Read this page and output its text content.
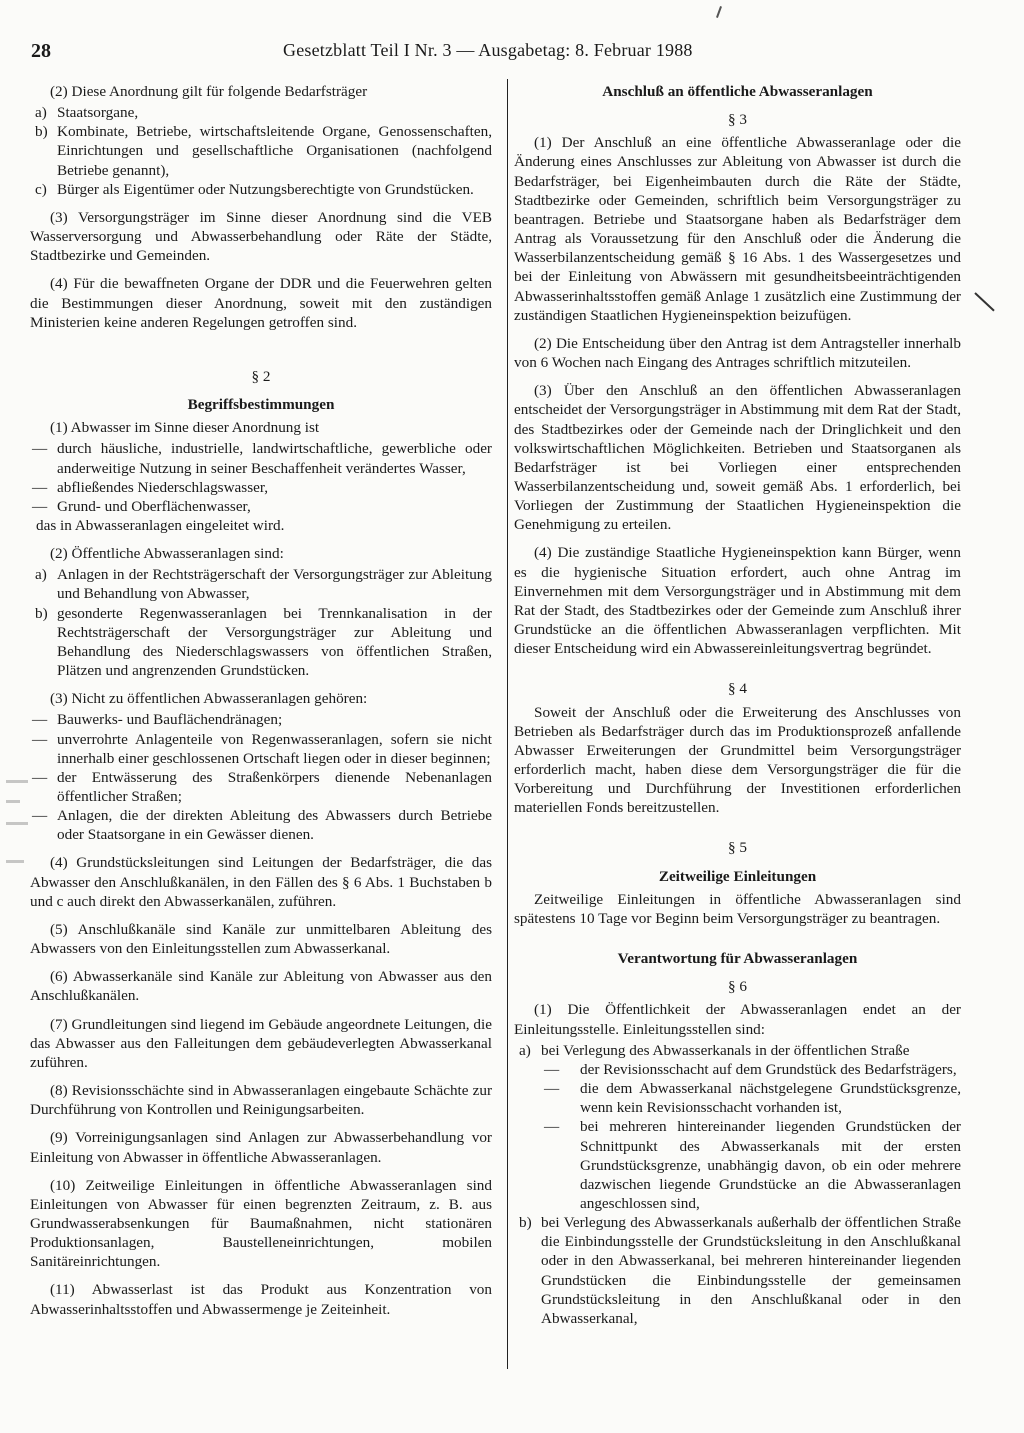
28	Gesetzblatt Teil I Nr. 3 — Ausgabetag: 8. Februar 1988

(2) Diese Anordnung gilt für folgende Bedarfsträger

a) Staatsorgane,
b) Kombinate, Betriebe, wirtschaftsleitende Organe, Genossenschaften, Einrichtungen und gesellschaftliche Organisationen (nachfolgend Betriebe genannt),
c) Bürger als Eigentümer oder Nutzungsberechtigte von Grundstücken.

(3) Versorgungsträger im Sinne dieser Anordnung sind die VEB Wasserversorgung und Abwasserbehandlung oder Räte der Städte, Stadtbezirke und Gemeinden.

(4) Für die bewaffneten Organe der DDR und die Feuerwehren gelten die Bestimmungen dieser Anordnung, soweit mit den zuständigen Ministerien keine anderen Regelungen getroffen sind.

§ 2

Begriffsbestimmungen

(1) Abwasser im Sinne dieser Anordnung ist

— durch häusliche, industrielle, landwirtschaftliche, gewerbliche oder anderweitige Nutzung in seiner Beschaffenheit verändertes Wasser,
— abfließendes Niederschlagswasser,
— Grund- und Oberflächenwasser,

das in Abwasseranlagen eingeleitet wird.

(2) Öffentliche Abwasseranlagen sind:

a) Anlagen in der Rechtsträgerschaft der Versorgungsträger zur Ableitung und Behandlung von Abwasser,
b) gesonderte Regenwasseranlagen bei Trennkanalisation in der Rechtsträgerschaft der Versorgungsträger zur Ableitung und Behandlung des Niederschlagswassers von öffentlichen Straßen, Plätzen und angrenzenden Grundstücken.

(3) Nicht zu öffentlichen Abwasseranlagen gehören:

— Bauwerks- und Bauflächendränagen;
— unverrohrte Anlagenteile von Regenwasseranlagen, sofern sie nicht innerhalb einer geschlossenen Ortschaft liegen oder in dieser beginnen;
— der Entwässerung des Straßenkörpers dienende Nebenanlagen öffentlicher Straßen;
— Anlagen, die der direkten Ableitung des Abwassers durch Betriebe oder Staatsorgane in ein Gewässer dienen.

(4) Grundstücksleitungen sind Leitungen der Bedarfsträger, die das Abwasser den Anschlußkanälen, in den Fällen des § 6 Abs. 1 Buchstaben b und c auch direkt den Abwasserkanälen, zuführen.

(5) Anschlußkanäle sind Kanäle zur unmittelbaren Ableitung des Abwassers von den Einleitungsstellen zum Abwasserkanal.

(6) Abwasserkanäle sind Kanäle zur Ableitung von Abwasser aus den Anschlußkanälen.

(7) Grundleitungen sind liegend im Gebäude angeordnete Leitungen, die das Abwasser aus den Falleitungen dem gebäudeverlegten Abwasserkanal zuführen.

(8) Revisionsschächte sind in Abwasseranlagen eingebaute Schächte zur Durchführung von Kontrollen und Reinigungsarbeiten.

(9) Vorreinigungsanlagen sind Anlagen zur Abwasserbehandlung vor Einleitung von Abwasser in öffentliche Abwasseranlagen.

(10) Zeitweilige Einleitungen in öffentliche Abwasseranlagen sind Einleitungen von Abwasser für einen begrenzten Zeitraum, z. B. aus Grundwasserabsenkungen für Baumaßnahmen, nicht stationären Produktionsanlagen, Baustelleneinrichtungen, mobilen Sanitäreinrichtungen.

(11) Abwasserlast ist das Produkt aus Konzentration von Abwasserinhaltsstoffen und Abwassermenge je Zeiteinheit.

Anschluß an öffentliche Abwasseranlagen

§ 3

(1) Der Anschluß an eine öffentliche Abwasseranlage oder die Änderung eines Anschlusses zur Ableitung von Abwasser ist durch die Bedarfsträger, bei Eigenheimbauten durch die Räte der Städte, Stadtbezirke oder Gemeinden, schriftlich beim Versorgungsträger zu beantragen. Betriebe und Staatsorgane haben als Bedarfsträger dem Antrag als Voraussetzung für den Anschluß oder die Änderung die Wasserbilanzentscheidung gemäß § 16 Abs. 1 des Wassergesetzes und bei der Einleitung von Abwässern mit gesundheitsbeeinträchtigenden Abwasserinhaltsstoffen gemäß Anlage 1 zusätzlich eine Zustimmung der zuständigen Staatlichen Hygieneinspektion beizufügen.

(2) Die Entscheidung über den Antrag ist dem Antragsteller innerhalb von 6 Wochen nach Eingang des Antrages schriftlich mitzuteilen.

(3) Über den Anschluß an den öffentlichen Abwasseranlagen entscheidet der Versorgungsträger in Abstimmung mit dem Rat der Stadt, des Stadtbezirkes oder der Gemeinde nach der Dringlichkeit und den volkswirtschaftlichen Möglichkeiten. Betrieben und Staatsorganen als Bedarfsträger ist bei Vorliegen einer entsprechenden Wasserbilanzentscheidung und, soweit gemäß Abs. 1 erforderlich, bei Vorliegen der Zustimmung der Staatlichen Hygieneinspektion die Genehmigung zu erteilen.

(4) Die zuständige Staatliche Hygieneinspektion kann Bürger, wenn es die hygienische Situation erfordert, auch ohne Antrag im Einvernehmen mit dem Versorgungsträger und in Abstimmung mit dem Rat der Stadt, des Stadtbezirkes oder der Gemeinde zum Anschluß ihrer Grundstücke an die öffentlichen Abwasseranlagen verpflichten. Mit dieser Entscheidung wird ein Abwassereinleitungsvertrag begründet.

§ 4

Soweit der Anschluß oder die Erweiterung des Anschlusses von Betrieben als Bedarfsträger durch das im Produktionsprozeß anfallende Abwasser Erweiterungen der Grundmittel beim Versorgungsträger erforderlich macht, haben diese dem Versorgungsträger die für die Vorbereitung und Durchführung der Investitionen erforderlichen materiellen Fonds bereitzustellen.

§ 5

Zeitweilige Einleitungen

Zeitweilige Einleitungen in öffentliche Abwasseranlagen sind spätestens 10 Tage vor Beginn beim Versorgungsträger zu beantragen.

Verantwortung für Abwasseranlagen

§ 6

(1) Die Öffentlichkeit der Abwasseranlagen endet an der Einleitungsstelle. Einleitungsstellen sind:

a) bei Verlegung des Abwasserkanals in der öffentlichen Straße
— der Revisionsschacht auf dem Grundstück des Bedarfsträgers,
— die dem Abwasserkanal nächstgelegene Grundstücksgrenze, wenn kein Revisionsschacht vorhanden ist,
— bei mehreren hintereinander liegenden Grundstücken der Schnittpunkt des Abwasserkanals mit der ersten Grundstücksgrenze, unabhängig davon, ob ein oder mehrere dazwischen liegende Grundstücke an die Abwasseranlagen angeschlossen sind,
b) bei Verlegung des Abwasserkanals außerhalb der öffentlichen Straße die Einbindungsstelle der Grundstücksleitung in den Anschlußkanal oder in den Abwasserkanal, bei mehreren hintereinander liegenden Grundstücken die Einbindungsstelle der gemeinsamen Grundstücksleitung in den Anschlußkanal oder in den Abwasserkanal,
